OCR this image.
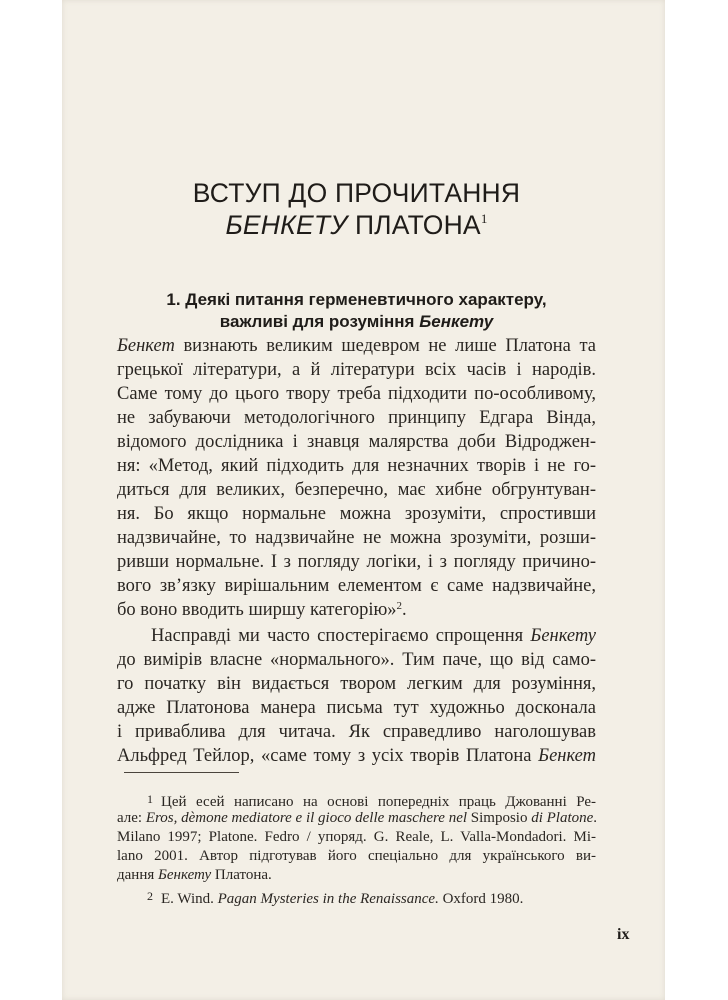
ВСТУП ДО ПРОЧИТАННЯ
БЕНКЕТУ ПЛАТОНА$^1$
1. Деякі питання герменевтичного характеру,
важливі для розуміння Бенкету
Бенкет визнають великим шедевром не лише Платона та
грецької літератури, а й літератури всіх часів і народів.
Саме тому до цього твору треба підходити по-особливому,
не забуваючи методологічного принципу Едгара Вінда,
відомого дослідника і знавця малярства доби Відроджен-
ня: «Метод, який підходить для незначних творів і не го-
диться для великих, безперечно, має хибне обгрунтуван-
ня. Бо якщо нормальне можна зрозуміти, спростивши
надзвичайне, то надзвичайне не можна зрозуміти, розши-
ривши нормальне. І з погляду логіки, і з погляду причино-
вого зв’язку вирішальним елементом є саме надзвичайне,
бо воно вводить ширшу категорію»$^2$.
Насправді ми часто спостерігаємо спрощення Бенкету
до вимірів власне «нормального». Тим паче, що від само-
го початку він видається твором легким для розуміння,
адже Платонова манера письма тут художньо досконала
і приваблива для читача. Як справедливо наголошував
Альфред Тейлор, «саме тому з усіх творів Платона Бенкет
1 Цей есей написано на основі попередніх праць Джованні Ре-
але: Eros, dèmone mediatore e il gioco delle maschere nel Simposio di Platone.
Milano 1997; Platone. Fedro / упоряд. G. Reale, L. Valla-Mondadori. Mi-
lano 2001. Автор підготував його спеціально для українського ви-
дання Бенкету Платона.
2 E. Wind. Pagan Mysteries in the Renaissance. Oxford 1980.
ix
